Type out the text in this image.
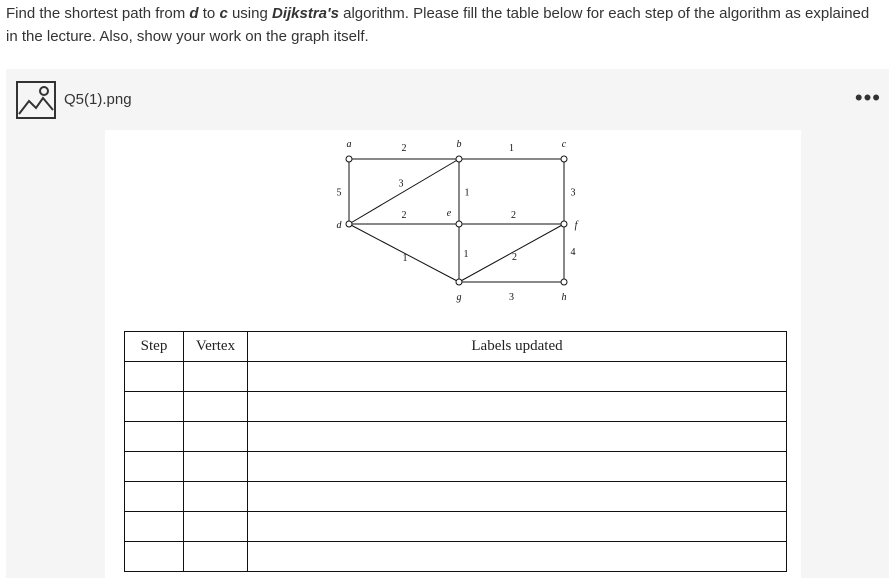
Find the shortest path from d to c using Dijkstra's algorithm. Please fill the table below for each step of the algorithm as explained in the lecture. Also, show your work on the graph itself.
Q5(1).png	•••
2	1
5
3
1	3
2	2
1	1	2	4
3
a	b	c
d
e
f
g	h
Step	Vertex	Labels updated
